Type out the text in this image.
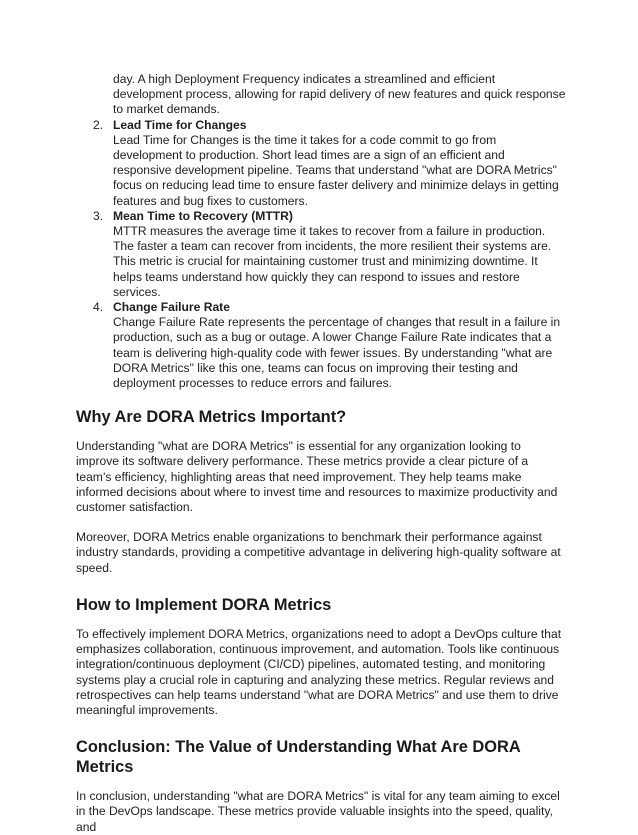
day. A high Deployment Frequency indicates a streamlined and efficient development process, allowing for rapid delivery of new features and quick response to market demands.
2. Lead Time for Changes
Lead Time for Changes is the time it takes for a code commit to go from development to production. Short lead times are a sign of an efficient and responsive development pipeline. Teams that understand "what are DORA Metrics" focus on reducing lead time to ensure faster delivery and minimize delays in getting features and bug fixes to customers.
3. Mean Time to Recovery (MTTR)
MTTR measures the average time it takes to recover from a failure in production. The faster a team can recover from incidents, the more resilient their systems are. This metric is crucial for maintaining customer trust and minimizing downtime. It helps teams understand how quickly they can respond to issues and restore services.
4. Change Failure Rate
Change Failure Rate represents the percentage of changes that result in a failure in production, such as a bug or outage. A lower Change Failure Rate indicates that a team is delivering high-quality code with fewer issues. By understanding "what are DORA Metrics" like this one, teams can focus on improving their testing and deployment processes to reduce errors and failures.
Why Are DORA Metrics Important?

Understanding "what are DORA Metrics" is essential for any organization looking to improve its software delivery performance. These metrics provide a clear picture of a team’s efficiency, highlighting areas that need improvement. They help teams make informed decisions about where to invest time and resources to maximize productivity and customer satisfaction.

Moreover, DORA Metrics enable organizations to benchmark their performance against industry standards, providing a competitive advantage in delivering high-quality software at speed.

How to Implement DORA Metrics

To effectively implement DORA Metrics, organizations need to adopt a DevOps culture that emphasizes collaboration, continuous improvement, and automation. Tools like continuous integration/continuous deployment (CI/CD) pipelines, automated testing, and monitoring systems play a crucial role in capturing and analyzing these metrics. Regular reviews and retrospectives can help teams understand "what are DORA Metrics" and use them to drive meaningful improvements.

Conclusion: The Value of Understanding What Are DORA Metrics

In conclusion, understanding "what are DORA Metrics" is vital for any team aiming to excel in the DevOps landscape. These metrics provide valuable insights into the speed, quality, and
